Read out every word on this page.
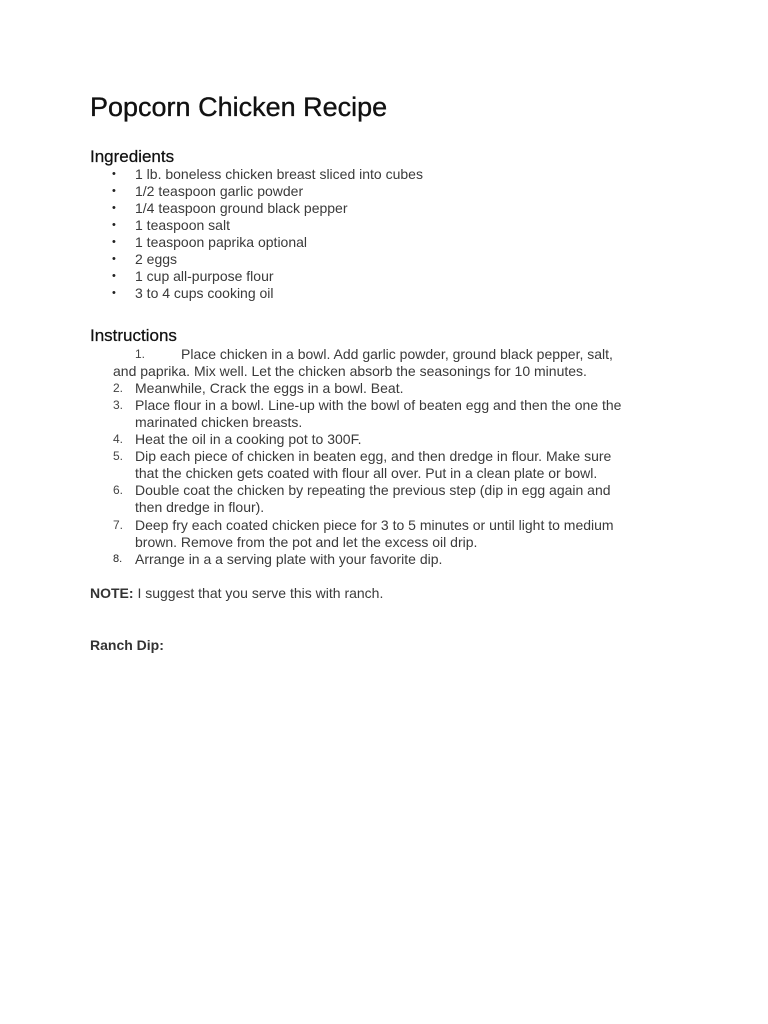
Popcorn Chicken Recipe
Ingredients
• 1 lb. boneless chicken breast sliced into cubes
• 1/2 teaspoon garlic powder
• 1/4 teaspoon ground black pepper
• 1 teaspoon salt
• 1 teaspoon paprika optional
• 2 eggs
• 1 cup all-purpose flour
• 3 to 4 cups cooking oil
Instructions
1.	Place chicken in a bowl. Add garlic powder, ground black pepper, salt,
and paprika. Mix well. Let the chicken absorb the seasonings for 10 minutes.
2. Meanwhile, Crack the eggs in a bowl. Beat.
3. Place flour in a bowl. Line-up with the bowl of beaten egg and then the one the
marinated chicken breasts.
4. Heat the oil in a cooking pot to 300F.
5. Dip each piece of chicken in beaten egg, and then dredge in flour. Make sure
that the chicken gets coated with flour all over. Put in a clean plate or bowl.
6. Double coat the chicken by repeating the previous step (dip in egg again and
then dredge in flour).
7. Deep fry each coated chicken piece for 3 to 5 minutes or until light to medium
brown. Remove from the pot and let the excess oil drip.
8. Arrange in a a serving plate with your favorite dip.
NOTE: I suggest that you serve this with ranch.
Ranch Dip:
